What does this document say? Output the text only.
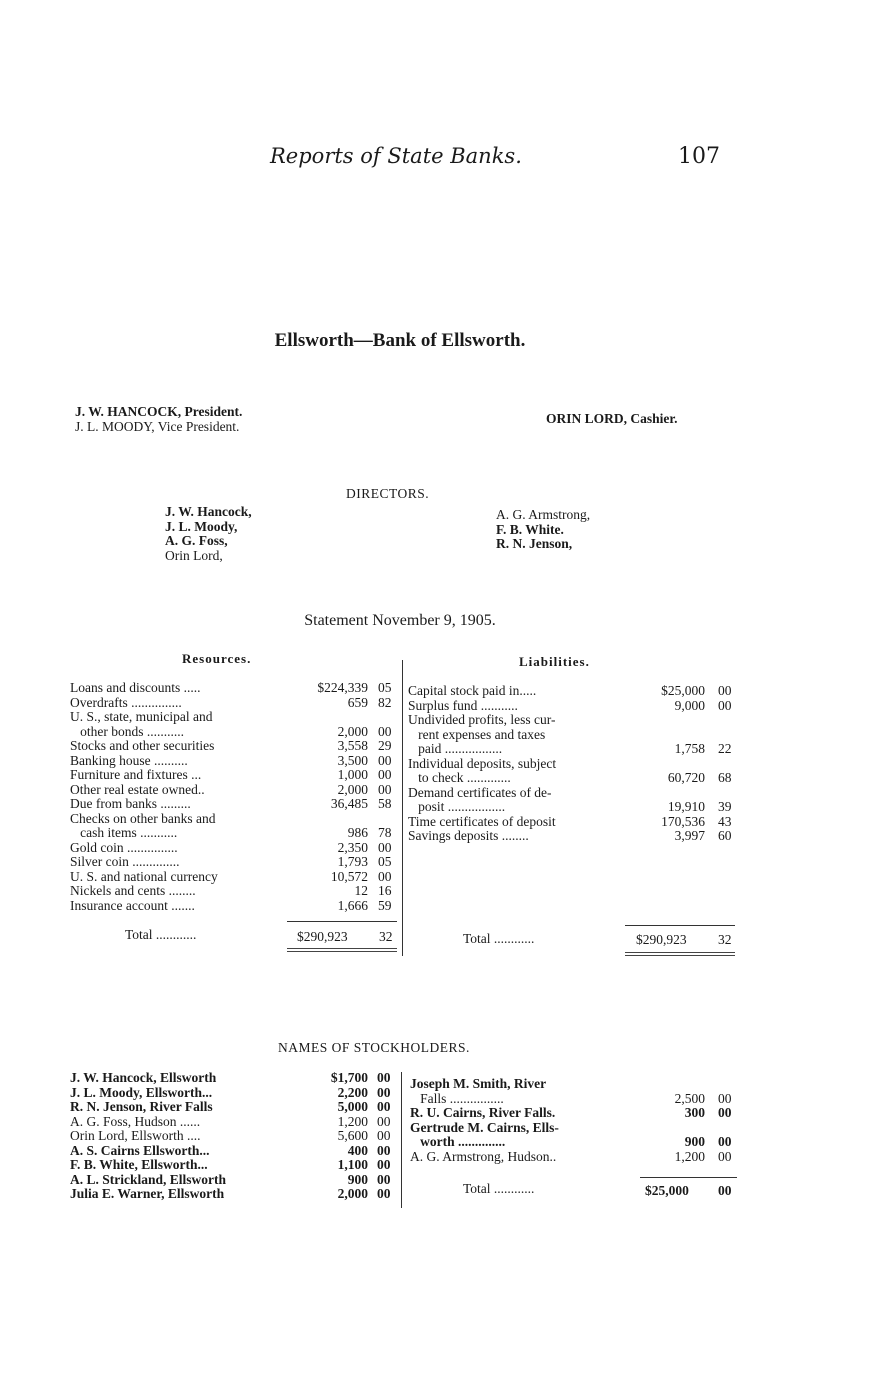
Reports of State Banks.	107
Ellsworth—Bank of Ellsworth.
J. W. HANCOCK, President.
J. L. MOODY, Vice President.
ORIN LORD, Cashier.
DIRECTORS.
J. W. Hancock,
J. L. Moody,
A. G. Foss,
Orin Lord,
A. G. Armstrong,
F. B. White.
R. N. Jenson,
Statement November 9, 1905.
Resources.	Liabilities.
Loans and discounts .....	$224,339 05
Overdrafts ...............	659 82
U. S., state, municipal and
other bonds ...........	2,000 00
Stocks and other securities	3,558 29
Banking house ..........	3,500 00
Furniture and fixtures ...	1,000 00
Other real estate owned..	2,000 00
Due from banks .........	36,485 58
Checks on other banks and
cash items ...........	986 78
Gold coin ...............	2,350 00
Silver coin ..............	1,793 05
U. S. and national currency	10,572 00
Nickels and cents ........	12 16
Insurance account .......	1,666 59
Total ............	$290,923 32
Capital stock paid in.....	$25,000 00
Surplus fund ...........	9,000 00
Undivided profits, less cur-
rent expenses and taxes
paid .................	1,758 22
Individual deposits, subject
to check .............	60,720 68
Demand certificates of de-
posit .................	19,910 39
Time certificates of deposit	170,536 43
Savings deposits ........	3,997 60
Total ............	$290,923 32
NAMES OF STOCKHOLDERS.
J. W. Hancock, Ellsworth	$1,700 00
J. L. Moody, Ellsworth...	2,200 00
R. N. Jenson, River Falls	5,000 00
A. G. Foss, Hudson ......	1,200 00
Orin Lord, Ellsworth ....	5,600 00
A. S. Cairns Ellsworth...	400 00
F. B. White, Ellsworth...	1,100 00
A. L. Strickland, Ellsworth	900 00
Julia E. Warner, Ellsworth	2,000 00
Joseph M. Smith, River
Falls ................	2,500 00
R. U. Cairns, River Falls.	300 00
Gertrude M. Cairns, Ells-
worth ..............	900 00
A. G. Armstrong, Hudson..	1,200 00
Total ............	$25,000 00
